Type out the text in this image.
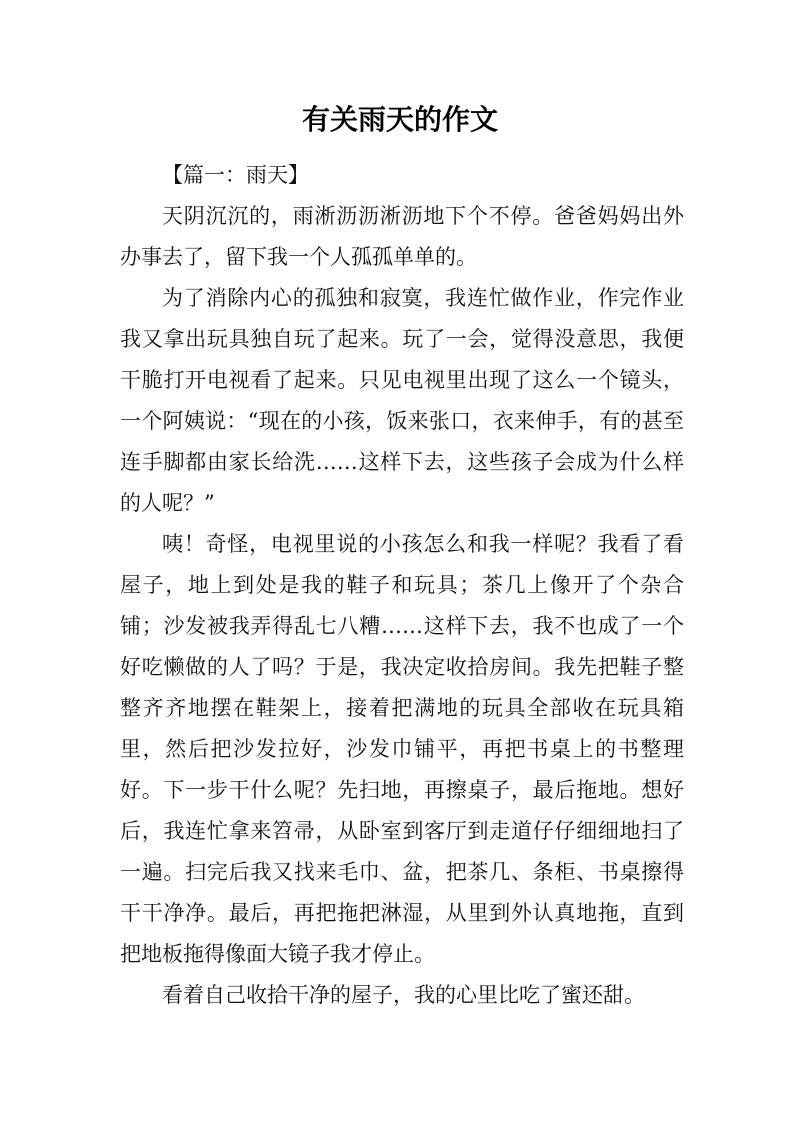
有关雨天的作文

【篇一：雨天】

天阴沉沉的，雨淅沥沥淅沥地下个不停。爸爸妈妈出外办事去了，留下我一个人孤孤单单的。

为了消除内心的孤独和寂寞，我连忙做作业，作完作业我又拿出玩具独自玩了起来。玩了一会，觉得没意思，我便干脆打开电视看了起来。只见电视里出现了这么一个镜头，一个阿姨说：“现在的小孩，饭来张口，衣来伸手，有的甚至连手脚都由家长给洗……这样下去，这些孩子会成为什么样的人呢？”

咦！奇怪，电视里说的小孩怎么和我一样呢？我看了看屋子，地上到处是我的鞋子和玩具；茶几上像开了个杂合铺；沙发被我弄得乱七八糟……这样下去，我不也成了一个好吃懒做的人了吗？于是，我决定收拾房间。我先把鞋子整整齐齐地摆在鞋架上，接着把满地的玩具全部收在玩具箱里，然后把沙发拉好，沙发巾铺平，再把书桌上的书整理好。下一步干什么呢？先扫地，再擦桌子，最后拖地。想好后，我连忙拿来笤帚，从卧室到客厅到走道仔仔细细地扫了一遍。扫完后我又找来毛巾、盆，把茶几、条柜、书桌擦得干干净净。最后，再把拖把淋湿，从里到外认真地拖，直到把地板拖得像面大镜子我才停止。

看着自己收拾干净的屋子，我的心里比吃了蜜还甜。
